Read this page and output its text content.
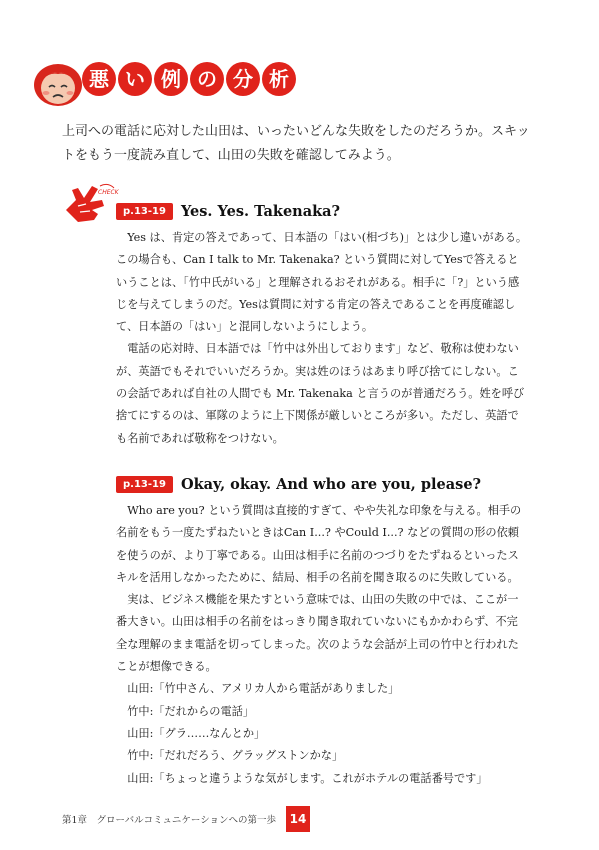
悪 い 例 の 分 析
上司への電話に応対した山田は、いったいどんな失敗をしたのだろうか。スキットをもう一度読み直して、山田の失敗を確認してみよう。
CHECK
p.13-19	Yes. Yes. Takenaka?

Yes は、肯定の答えであって、日本語の「はい(相づち)」とは少し違いがある。この場合も、Can I talk to Mr. Takenaka? という質問に対してYesで答えるということは、「竹中氏がいる」と理解されるおそれがある。相手に「?」という感じを与えてしまうのだ。Yesは質問に対する肯定の答えであることを再度確認して、日本語の「はい」と混同しないようにしよう。

電話の応対時、日本語では「竹中は外出しております」など、敬称は使わないが、英語でもそれでいいだろうか。実は姓のほうはあまり呼び捨てにしない。この会話であれば自社の人間でも Mr. Takenaka と言うのが普通だろう。姓を呼び捨てにするのは、軍隊のように上下関係が厳しいところが多い。ただし、英語でも名前であれば敬称をつけない。

p.13-19	Okay, okay. And who are you, please?

Who are you? という質問は直接的すぎて、やや失礼な印象を与える。相手の名前をもう一度たずねたいときはCan I...? やCould I...? などの質問の形の依頼を使うのが、より丁寧である。山田は相手に名前のつづりをたずねるといったスキルを活用しなかったために、結局、相手の名前を聞き取るのに失敗している。

実は、ビジネス機能を果たすという意味では、山田の失敗の中では、ここが一番大きい。山田は相手の名前をはっきり聞き取れていないにもかかわらず、不完全な理解のまま電話を切ってしまった。次のような会話が上司の竹中と行われたことが想像できる。

山田:「竹中さん、アメリカ人から電話がありました」
竹中:「だれからの電話」
山田:「グラ……なんとか」
竹中:「だれだろう、グラッグストンかな」
山田:「ちょっと違うような気がします。これがホテルの電話番号です」
第1章　グローバルコミュニケーションへの第一歩	14
